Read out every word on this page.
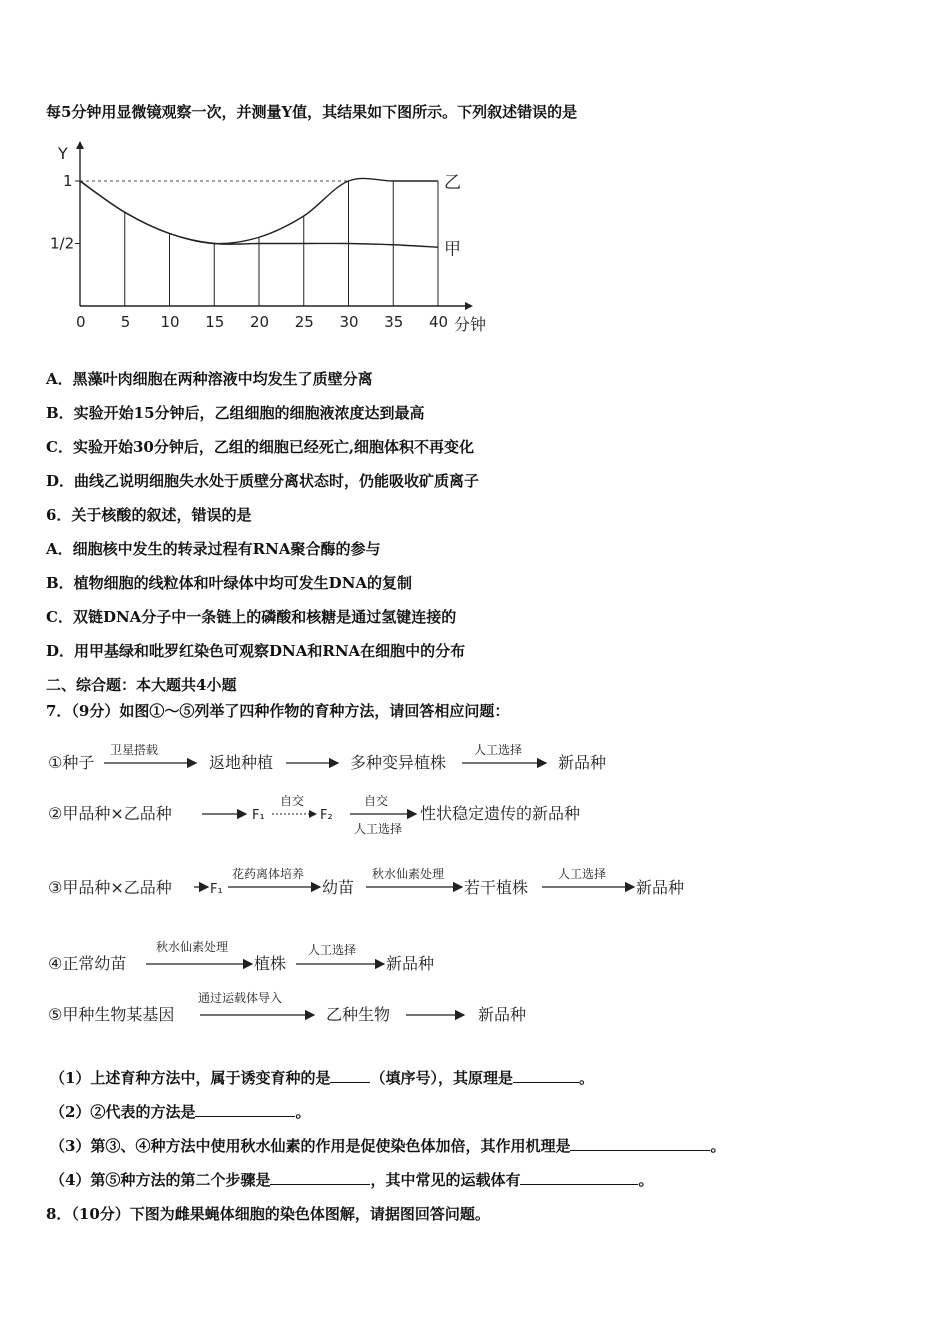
每5分钟用显微镜观察一次，并测量Y值，其结果如下图所示。下列叙述错误的是
Y
1
1/2
0 5 10 15 20 25 30 35 40 分钟
乙
甲
A．黑藻叶肉细胞在两种溶液中均发生了质壁分离
B．实验开始15分钟后，乙组细胞的细胞液浓度达到最高
C．实验开始30分钟后，乙组的细胞已经死亡,细胞体积不再变化
D．曲线乙说明细胞失水处于质壁分离状态时，仍能吸收矿质离子
6．关于核酸的叙述，错误的是
A．细胞核中发生的转录过程有RNA聚合酶的参与
B．植物细胞的线粒体和叶绿体中均可发生DNA的复制
C．双链DNA分子中一条链上的磷酸和核糖是通过氢键连接的
D．用甲基绿和吡罗红染色可观察DNA和RNA在细胞中的分布
二、综合题：本大题共4小题
7．（9分）如图①～⑤列举了四种作物的育种方法，请回答相应问题：
①种子
卫星搭载
返地种植	多种变异植株
人工选择
新品种
②甲品种×乙品种	F₁
自交
F₂
自交
人工选择
性状稳定遗传的新品种
③甲品种×乙品种	F₁
花药离体培养
幼苗
秋水仙素处理
若干植株
人工选择
新品种
④正常幼苗
秋水仙素处理
植株
人工选择
新品种
⑤甲种生物某基因
通过运载体导入
乙种生物	新品种
（1）上述育种方法中，属于诱变育种的是	（填序号），其原理是	。
（2）②代表的方法是	。
（3）第③、④种方法中使用秋水仙素的作用是促使染色体加倍，其作用机理是	。
（4）第⑤种方法的第二个步骤是	，其中常见的运载体有	。
8．（10分）下图为雌果蝇体细胞的染色体图解，请据图回答问题。
